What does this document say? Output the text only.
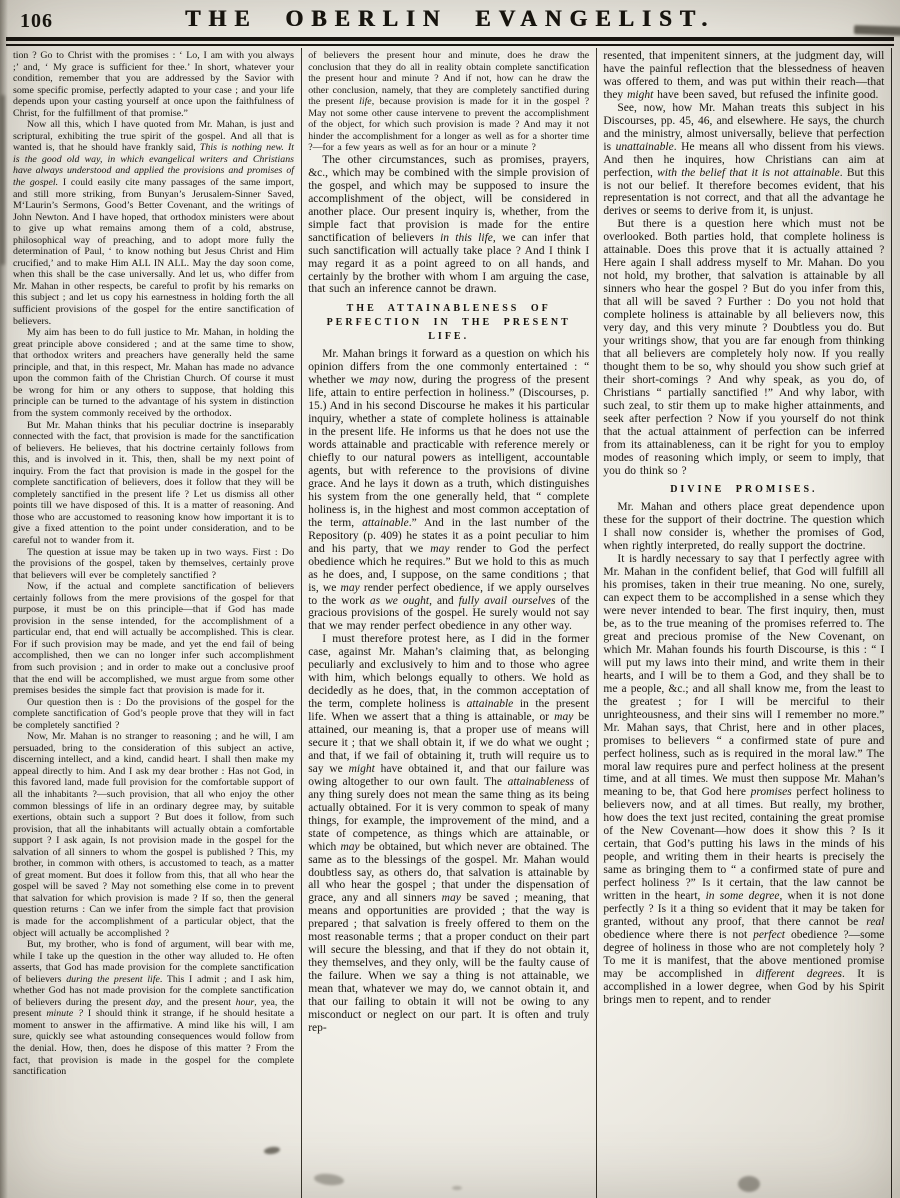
106	THE OBERLIN EVANGELIST.

tion ? Go to Christ with the promises : ‘ Lo, I am with you always ;’ and, ‘ My grace is sufficient for thee.’ In short, whatever your condition, remember that you are addressed by the Savior with some specific promise, perfectly adapted to your case ; and your life depends upon your casting yourself at once upon the faithfulness of Christ, for the fulfillment of that promise.”

Now all this, which I have quoted from Mr. Mahan, is just and scriptural, exhibiting the true spirit of the gospel. And all that is wanted is, that he should have frankly said, This is nothing new. It is the good old way, in which evangelical writers and Christians have always understood and applied the provisions and promises of the gospel. I could easily cite many passages of the same import, and still more striking, from Bunyan’s Jerusalem-Sinner Saved, M‘Laurin’s Sermons, Good’s Better Covenant, and the writings of John Newton. And I have hoped, that orthodox ministers were about to give up what remains among them of a cold, abstruse, philosophical way of preaching, and to adopt more fully the determination of Paul, ‘ to know nothing but Jesus Christ and Him crucified,’ and to make Him ALL IN ALL. May the day soon come, when this shall be the case universally. And let us, who differ from Mr. Mahan in other respects, be careful to profit by his remarks on this subject ; and let us copy his earnestness in holding forth the all sufficient provisions of the gospel for the entire sanctification of believers.

My aim has been to do full justice to Mr. Mahan, in holding the great principle above considered ; and at the same time to show, that orthodox writers and preachers have generally held the same principle, and that, in this respect, Mr. Mahan has made no advance upon the common faith of the Christian Church. Of course it must be wrong for him or any others to suppose, that holding this principle can be turned to the advantage of his system in distinction from the system commonly received by the orthodox.

But Mr. Mahan thinks that his peculiar doctrine is inseparably connected with the fact, that provision is made for the sanctification of believers. He believes, that his doctrine certainly follows from this, and is involved in it. This, then, shall be my next point of inquiry. From the fact that provision is made in the gospel for the complete sanctification of believers, does it follow that they will be completely sanctified in the present life ? Let us dismiss all other points till we have disposed of this. It is a matter of reasoning. And those who are accustomed to reasoning know how important it is to give a fixed attention to the point under consideration, and to be careful not to wander from it.

The question at issue may be taken up in two ways. First : Do the provisions of the gospel, taken by themselves, certainly prove that believers will ever be completely sanctified ?

Now, if the actual and complete sanctification of believers certainly follows from the mere provisions of the gospel for that purpose, it must be on this principle—that if God has made provision in the sense intended, for the accomplishment of a particular end, that end will actually be accomplished. This is clear. For if such provision may be made, and yet the end fail of being accomplished, then we can no longer infer such accomplishment from such provision ; and in order to make out a conclusive proof that the end will be accomplished, we must argue from some other premises besides the simple fact that provision is made for it.

Our question then is : Do the provisions of the gospel for the complete sanctification of God’s people prove that they will in fact be completely sanctified ?

Now, Mr. Mahan is no stranger to reasoning ; and he will, I am persuaded, bring to the consideration of this subject an active, discerning intellect, and a kind, candid heart. I shall then make my appeal directly to him. And I ask my dear brother : Has not God, in this favored land, made full provision for the comfortable support of all the inhabitants ?—such provision, that all who enjoy the other common blessings of life in an ordinary degree may, by suitable exertions, obtain such a support ? But does it follow, from such provision, that all the inhabitants will actually obtain a comfortable support ? I ask again, Is not provision made in the gospel for the salvation of all sinners to whom the gospel is published ? This, my brother, in common with others, is accustomed to teach, as a matter of great moment. But does it follow from this, that all who hear the gospel will be saved ? May not something else come in to prevent that salvation for which provision is made ? If so, then the general question returns : Can we infer from the simple fact that provision is made for the accomplishment of a particular object, that the object will actually be accomplished ?

But, my brother, who is fond of argument, will bear with me, while I take up the question in the other way alluded to. He often asserts, that God has made provision for the complete sanctification of believers during the present life. This I admit ; and I ask him, whether God has not made provision for the complete sanctification of believers during the present day, and the present hour, yea, the present minute ? I should think it strange, if he should hesitate a moment to answer in the affirmative. A mind like his will, I am sure, quickly see what astounding consequences would follow from the denial. How, then, does he dispose of this matter ? From the fact, that provision is made in the gospel for the complete sanctification

of believers the present hour and minute, does he draw the conclusion that they do all in reality obtain complete sanctification the present hour and minute ? And if not, how can he draw the other conclusion, namely, that they are completely sanctified during the present life, because provision is made for it in the gospel ? May not some other cause intervene to prevent the accomplishment of the object, for which such provision is made ? And may it not hinder the accomplishment for a longer as well as for a shorter time ?—for a few years as well as for an hour or a minute ?

The other circumstances, such as promises, prayers, &c., which may be combined with the simple provision of the gospel, and which may be supposed to insure the accomplishment of the object, will be considered in another place. Our present inquiry is, whether, from the simple fact that provision is made for the entire sanctification of believers in this life, we can infer that such sanctification will actually take place ? And I think I may regard it as a point agreed to on all hands, and certainly by the brother with whom I am arguing the case, that such an inference cannot be drawn.

THE ATTAINABLENESS OF PERFECTION IN THE PRESENT LIFE.

Mr. Mahan brings it forward as a question on which his opinion differs from the one commonly entertained : “ whether we may now, during the progress of the present life, attain to entire perfection in holiness.” (Discourses, p. 15.) And in his second Discourse he makes it his particular inquiry, whether a state of complete holiness is attainable in the present life. He informs us that he does not use the words attainable and practicable with reference merely or chiefly to our natural powers as intelligent, accountable agents, but with reference to the provisions of divine grace. And he lays it down as a truth, which distinguishes his system from the one generally held, that “ complete holiness is, in the highest and most common acceptation of the term, attainable.” And in the last number of the Repository (p. 409) he states it as a point peculiar to him and his party, that we may render to God the perfect obedience which he requires.” But we hold to this as much as he does, and, I suppose, on the same conditions ; that is, we may render perfect obedience, if we apply ourselves to the work as we ought, and fully avail ourselves of the gracious provisions of the gospel. He surely would not say that we may render perfect obedience in any other way.

I must therefore protest here, as I did in the former case, against Mr. Mahan’s claiming that, as belonging peculiarly and exclusively to him and to those who agree with him, which belongs equally to others. We hold as decidedly as he does, that, in the common acceptation of the term, complete holiness is attainable in the present life. When we assert that a thing is attainable, or may be attained, our meaning is, that a proper use of means will secure it ; that we shall obtain it, if we do what we ought ; and that, if we fail of obtaining it, truth will require us to say we might have obtained it, and that our failure was owing altogether to our own fault. The attainableness of any thing surely does not mean the same thing as its being actually obtained. For it is very common to speak of many things, for example, the improvement of the mind, and a state of competence, as things which are attainable, or which may be obtained, but which never are obtained. The same as to the blessings of the gospel. Mr. Mahan would doubtless say, as others do, that salvation is attainable by all who hear the gospel ; that under the dispensation of grace, any and all sinners may be saved ; meaning, that means and opportunities are provided ; that the way is prepared ; that salvation is freely offered to them on the most reasonable terms ; that a proper conduct on their part will secure the blessing, and that if they do not obtain it, they themselves, and they only, will be the faulty cause of the failure. When we say a thing is not attainable, we mean that, whatever we may do, we cannot obtain it, and that our failing to obtain it will not be owing to any misconduct or neglect on our part. It is often and truly rep-

resented, that impenitent sinners, at the judgment day, will have the painful reflection that the blessedness of heaven was offered to them, and was put within their reach—that they might have been saved, but refused the infinite good.

See, now, how Mr. Mahan treats this subject in his Discourses, pp. 45, 46, and elsewhere. He says, the church and the ministry, almost universally, believe that perfection is unattainable. He means all who dissent from his views. And then he inquires, how Christians can aim at perfection, with the belief that it is not attainable. But this is not our belief. It therefore becomes evident, that his representation is not correct, and that all the advantage he derives or seems to derive from it, is unjust.

But there is a question here which must not be overlooked. Both parties hold, that complete holiness is attainable. Does this prove that it is actually attained ? Here again I shall address myself to Mr. Mahan. Do you not hold, my brother, that salvation is attainable by all sinners who hear the gospel ? But do you infer from this, that all will be saved ? Further : Do you not hold that complete holiness is attainable by all believers now, this very day, and this very minute ? Doubtless you do. But your writings show, that you are far enough from thinking that all believers are completely holy now. If you really thought them to be so, why should you show such grief at their short-comings ? And why speak, as you do, of Christians “ partially sanctified !” And why labor, with such zeal, to stir them up to make higher attainments, and seek after perfection ? Now if you yourself do not think that the actual attainment of perfection can be inferred from its attainableness, can it be right for you to employ modes of reasoning which imply, or seem to imply, that you do think so ?

DIVINE PROMISES.

Mr. Mahan and others place great dependence upon these for the support of their doctrine. The question which I shall now consider is, whether the promises of God, when rightly interpreted, do really support the doctrine.

It is hardly necessary to say that I perfectly agree with Mr. Mahan in the confident belief, that God will fulfill all his promises, taken in their true meaning. No one, surely, can expect them to be accomplished in a sense which they were never intended to bear. The first inquiry, then, must be, as to the true meaning of the promises referred to. The great and precious promise of the New Covenant, on which Mr. Mahan founds his fourth Discourse, is this : “ I will put my laws into their mind, and write them in their hearts, and I will be to them a God, and they shall be to me a people, &c.; and all shall know me, from the least to the greatest ; for I will be merciful to their unrighteousness, and their sins will I remember no more.” Mr. Mahan says, that Christ, here and in other places, promises to believers “ a confirmed state of pure and perfect holiness, such as is required in the moral law.” The moral law requires pure and perfect holiness at the present time, and at all times. We must then suppose Mr. Mahan’s meaning to be, that God here promises perfect holiness to believers now, and at all times. But really, my brother, how does the text just recited, containing the great promise of the New Covenant—how does it show this ? Is it certain, that God’s putting his laws in the minds of his people, and writing them in their hearts is precisely the same as bringing them to “ a confirmed state of pure and perfect holiness ?” Is it certain, that the law cannot be written in the heart, in some degree, when it is not done perfectly ? Is it a thing so evident that it may be taken for granted, without any proof, that there cannot be real obedience where there is not perfect obedience ?—some degree of holiness in those who are not completely holy ? To me it is manifest, that the above mentioned promise may be accomplished in different degrees. It is accomplished in a lower degree, when God by his Spirit brings men to repent, and to render
